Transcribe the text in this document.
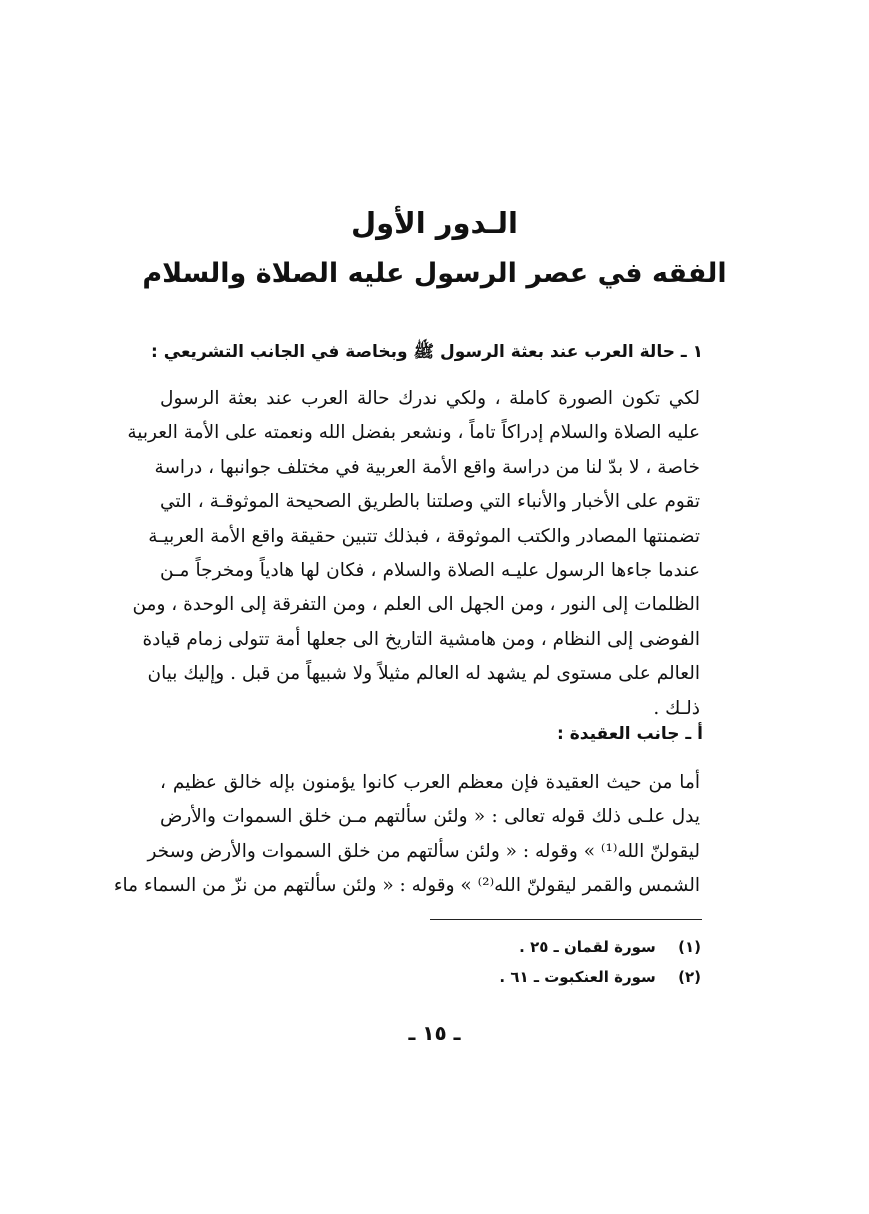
الـدور الأول
الفقه في عصر الرسول عليه الصلاة والسلام
١ ـ حالة العرب عند بعثة الرسول ﷺ وبخاصة في الجانب التشريعي :
لكي تكون الصورة كاملة ، ولكي ندرك حالة العرب عند بعثة الرسول
عليه الصلاة والسلام إدراكاً تاماً ، ونشعر بفضل الله ونعمته على الأمة العربية
خاصة ، لا بدّ لنا من دراسة واقع الأمة العربية في مختلف جوانبها ، دراسة
تقوم على الأخبار والأنباء التي وصلتنا بالطريق الصحيحة الموثوقـة ، التي
تضمنتها المصادر والكتب الموثوقة ، فبذلك تتبين حقيقة واقع الأمة العربيـة
عندما جاءها الرسول عليـه الصلاة والسلام ، فكان لها هادياً ومخرجاً مـن
الظلمات إلى النور ، ومن الجهل الى العلم ، ومن التفرقة إلى الوحدة ، ومن
الفوضى إلى النظام ، ومن هامشية التاريخ الى جعلها أمة تتولى زمام قيادة
العالم على مستوى لم يشهد له العالم مثيلاً ولا شبيهاً من قبل . وإليك بيان
ذلـك .
أ ـ جانب العقيدة :
أما من حيث العقيدة فإن معظم العرب كانوا يؤمنون بإله خالق عظيم ،
يدل علـى ذلك قوله تعالى : « ولئن سألتهم مـن خلق السموات والأرض
ليقولنّ الله⁽¹⁾ » وقوله : « ولئن سألتهم من خلق السموات والأرض وسخر
الشمس والقمر ليقولنّ الله⁽²⁾ » وقوله : « ولئن سألتهم من نزّ من السماء ماء
(١) سورة لقمان ـ ٢٥ .
(٢) سورة العنكبوت ـ ٦١ .
ـ ١٥ ـ
